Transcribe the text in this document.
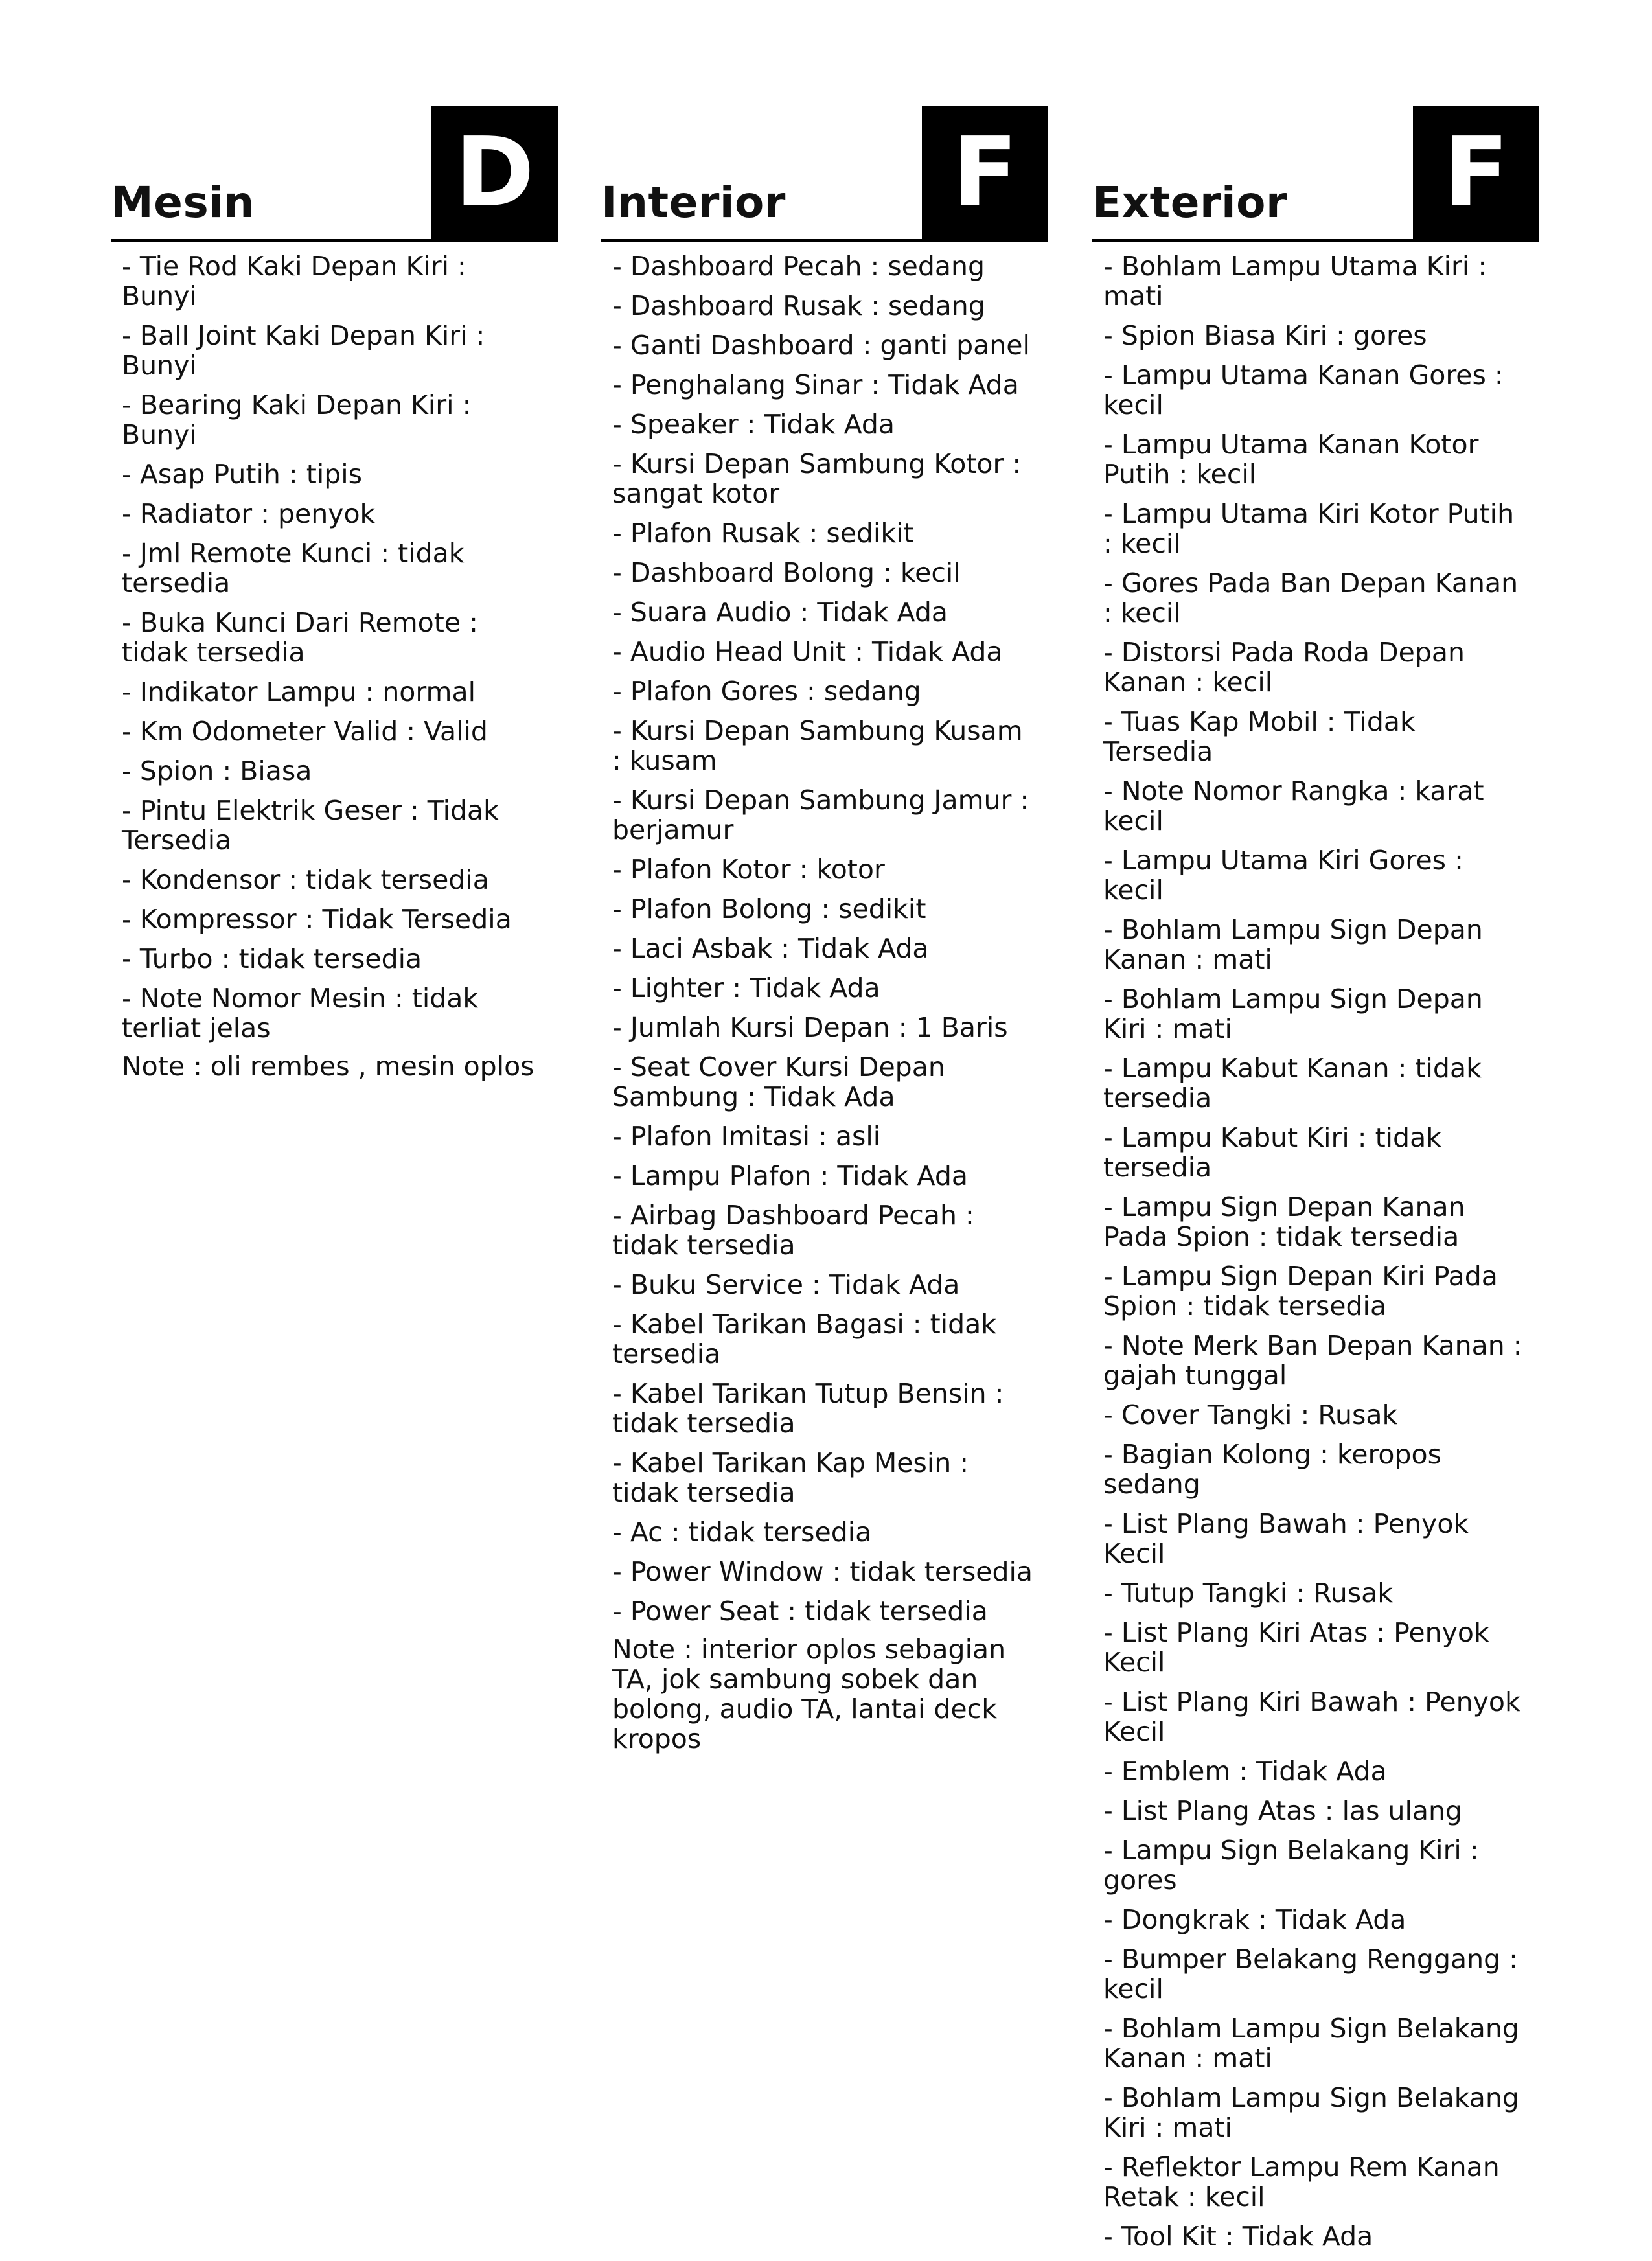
Mesin D
- Tie Rod Kaki Depan Kiri : Bunyi
- Ball Joint Kaki Depan Kiri : Bunyi
- Bearing Kaki Depan Kiri : Bunyi
- Asap Putih : tipis
- Radiator : penyok
- Jml Remote Kunci : tidak tersedia
- Buka Kunci Dari Remote : tidak tersedia
- Indikator Lampu : normal
- Km Odometer Valid : Valid
- Spion : Biasa
- Pintu Elektrik Geser : Tidak Tersedia
- Kondensor : tidak tersedia
- Kompressor : Tidak Tersedia
- Turbo : tidak tersedia
- Note Nomor Mesin : tidak terliat jelas
Note : oli rembes , mesin oplos
Interior	F
- Dashboard Pecah : sedang
- Dashboard Rusak : sedang
- Ganti Dashboard : ganti panel
- Penghalang Sinar : Tidak Ada
- Speaker : Tidak Ada
- Kursi Depan Sambung Kotor : sangat kotor
- Plafon Rusak : sedikit
- Dashboard Bolong : kecil
- Suara Audio : Tidak Ada
- Audio Head Unit : Tidak Ada
- Plafon Gores : sedang
- Kursi Depan Sambung Kusam : kusam
- Kursi Depan Sambung Jamur : berjamur
- Plafon Kotor : kotor
- Plafon Bolong : sedikit
- Laci Asbak : Tidak Ada
- Lighter : Tidak Ada
- Jumlah Kursi Depan : 1 Baris
- Seat Cover Kursi Depan Sambung : Tidak Ada
- Plafon Imitasi : asli
- Lampu Plafon : Tidak Ada
- Airbag Dashboard Pecah : tidak tersedia
- Buku Service : Tidak Ada
- Kabel Tarikan Bagasi : tidak tersedia
- Kabel Tarikan Tutup Bensin : tidak tersedia
- Kabel Tarikan Kap Mesin : tidak tersedia
- Ac : tidak tersedia
- Power Window : tidak tersedia
- Power Seat : tidak tersedia
Note : interior oplos sebagian TA, jok sambung sobek dan bolong, audio TA, lantai deck kropos
Exterior	F
- Bohlam Lampu Utama Kiri : mati
- Spion Biasa Kiri : gores
- Lampu Utama Kanan Gores : kecil
- Lampu Utama Kanan Kotor Putih : kecil
- Lampu Utama Kiri Kotor Putih : kecil
- Gores Pada Ban Depan Kanan : kecil
- Distorsi Pada Roda Depan Kanan : kecil
- Tuas Kap Mobil : Tidak Tersedia
- Note Nomor Rangka : karat kecil
- Lampu Utama Kiri Gores : kecil
- Bohlam Lampu Sign Depan Kanan : mati
- Bohlam Lampu Sign Depan Kiri : mati
- Lampu Kabut Kanan : tidak tersedia
- Lampu Kabut Kiri : tidak tersedia
- Lampu Sign Depan Kanan Pada Spion : tidak tersedia
- Lampu Sign Depan Kiri Pada Spion : tidak tersedia
- Note Merk Ban Depan Kanan : gajah tunggal
- Cover Tangki : Rusak
- Bagian Kolong : keropos sedang
- List Plang Bawah : Penyok Kecil
- Tutup Tangki : Rusak
- List Plang Kiri Atas : Penyok Kecil
- List Plang Kiri Bawah : Penyok Kecil
- Emblem : Tidak Ada
- List Plang Atas : las ulang
- Lampu Sign Belakang Kiri : gores
- Dongkrak : Tidak Ada
- Bumper Belakang Renggang : kecil
- Bohlam Lampu Sign Belakang Kanan : mati
- Bohlam Lampu Sign Belakang Kiri : mati
- Reflektor Lampu Rem Kanan Retak : kecil
- Tool Kit : Tidak Ada
